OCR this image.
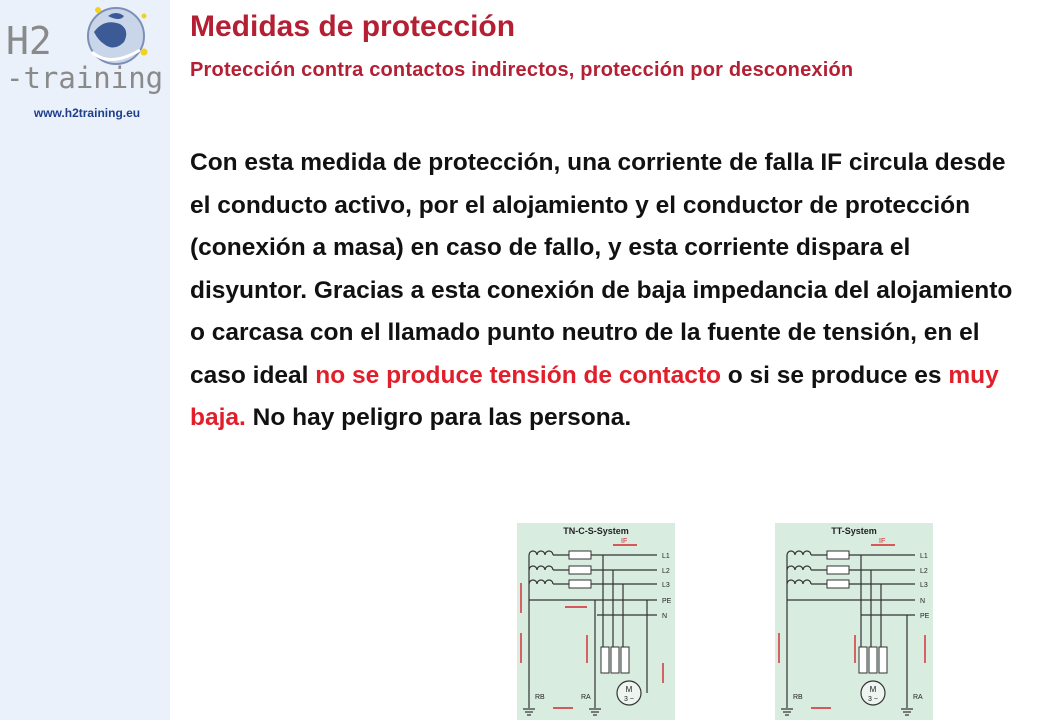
H2
-training
www.h2training.eu
Medidas de protección
Protección contra contactos indirectos, protección por desconexión

Con esta medida de protección, una corriente de falla IF circula desde el conducto activo, por el alojamiento y el conductor de protección (conexión a masa) en caso de fallo, y esta corriente dispara el disyuntor. Gracias a esta conexión de baja impedancia del alojamiento o carcasa con el llamado punto neutro de la fuente de tensión, en el caso ideal no se produce tensión de contacto o si se produce es muy baja. No hay peligro para las persona.

TN-C-S-System
M
3 ~
L1
L2
L3
PE
N
RB	RA
IF
TT-System
M
3 ~
L1
L2
L3
N
PE
RB	RA
IF
